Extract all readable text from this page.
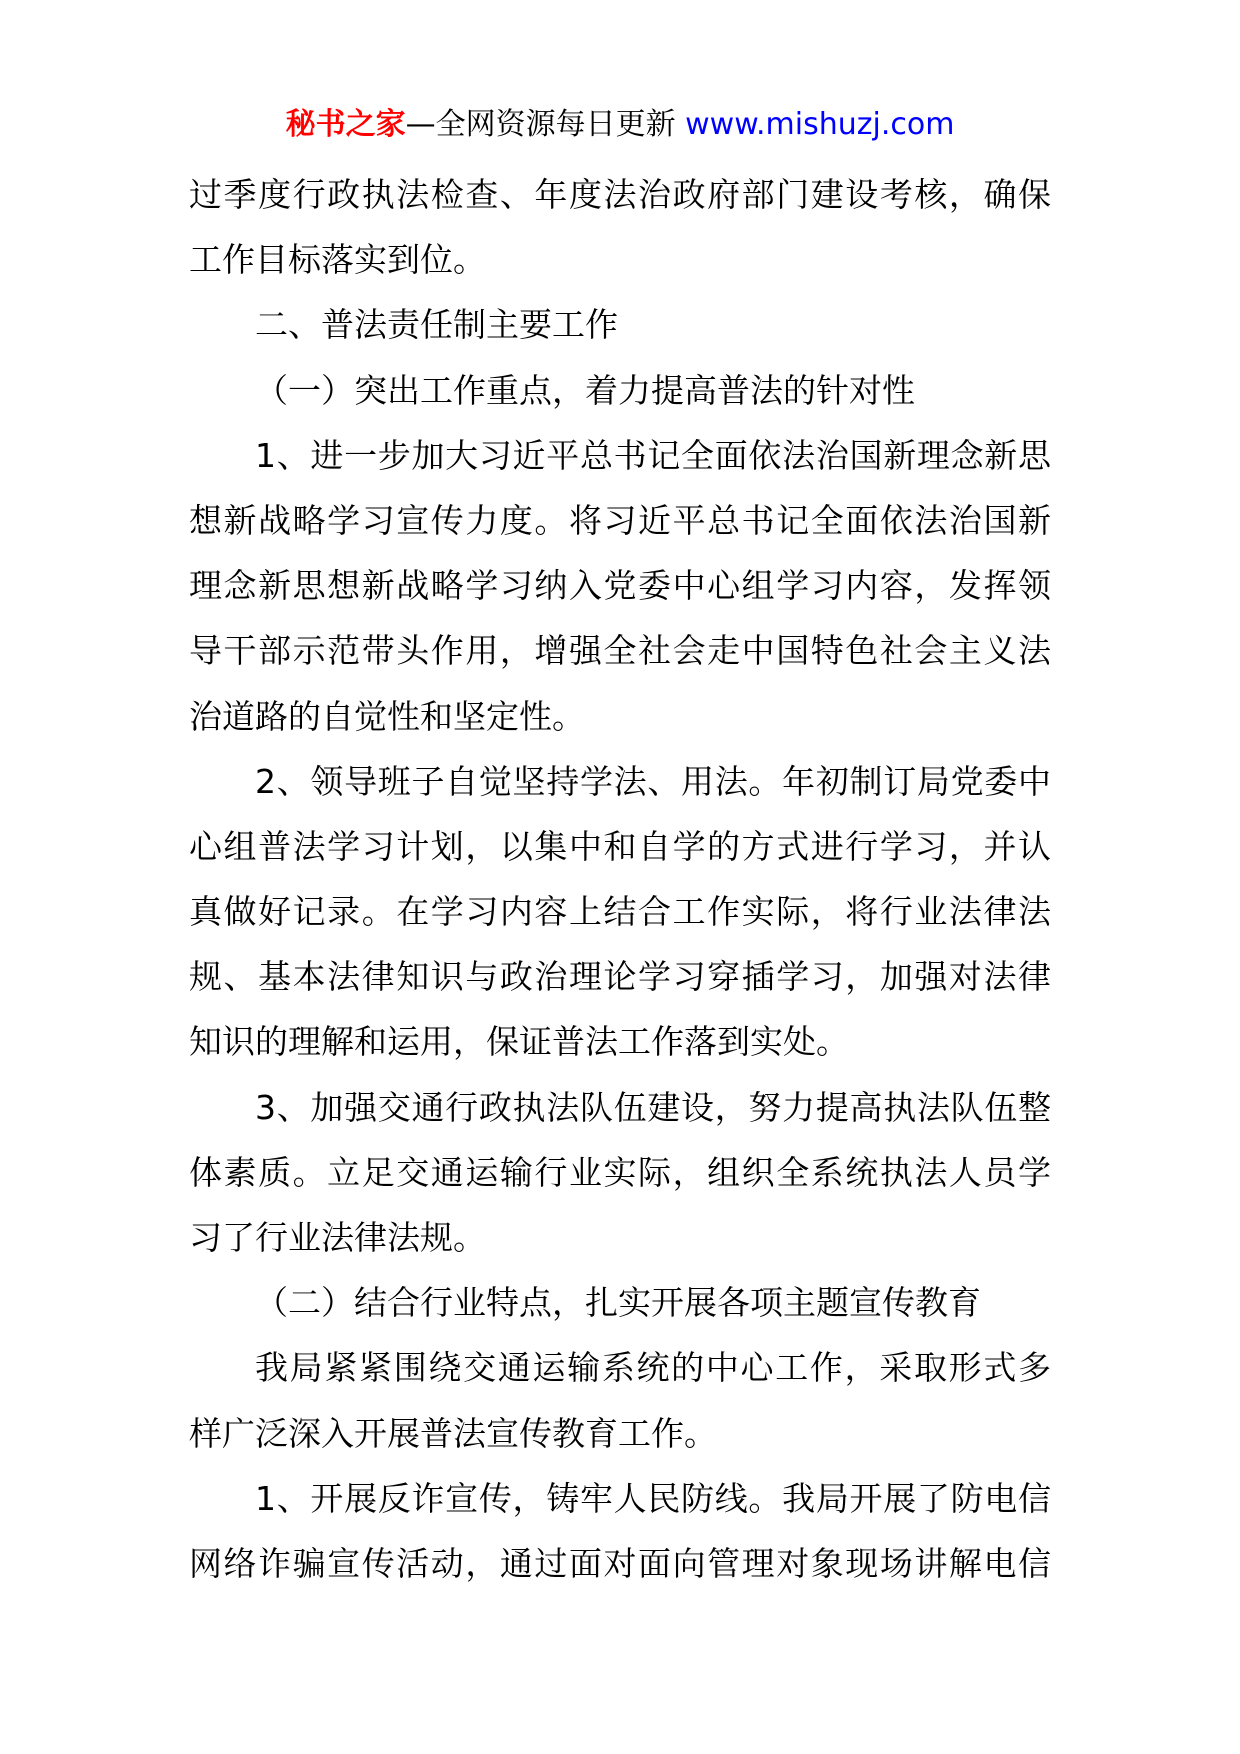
秘书之家—全网资源每日更新 www.mishuzj.com
过季度行政执法检查、年度法治政府部门建设考核，确保
工作目标落实到位。
二、普法责任制主要工作
（一）突出工作重点，着力提高普法的针对性
1、进一步加大习近平总书记全面依法治国新理念新思
想新战略学习宣传力度。将习近平总书记全面依法治国新
理念新思想新战略学习纳入党委中心组学习内容，发挥领
导干部示范带头作用，增强全社会走中国特色社会主义法
治道路的自觉性和坚定性。
2、领导班子自觉坚持学法、用法。年初制订局党委中
心组普法学习计划，以集中和自学的方式进行学习，并认
真做好记录。在学习内容上结合工作实际，将行业法律法
规、基本法律知识与政治理论学习穿插学习，加强对法律
知识的理解和运用，保证普法工作落到实处。
3、加强交通行政执法队伍建设，努力提高执法队伍整
体素质。立足交通运输行业实际，组织全系统执法人员学
习了行业法律法规。
（二）结合行业特点，扎实开展各项主题宣传教育
我局紧紧围绕交通运输系统的中心工作，采取形式多
样广泛深入开展普法宣传教育工作。
1、开展反诈宣传，铸牢人民防线。我局开展了防电信
网络诈骗宣传活动，通过面对面向管理对象现场讲解电信
